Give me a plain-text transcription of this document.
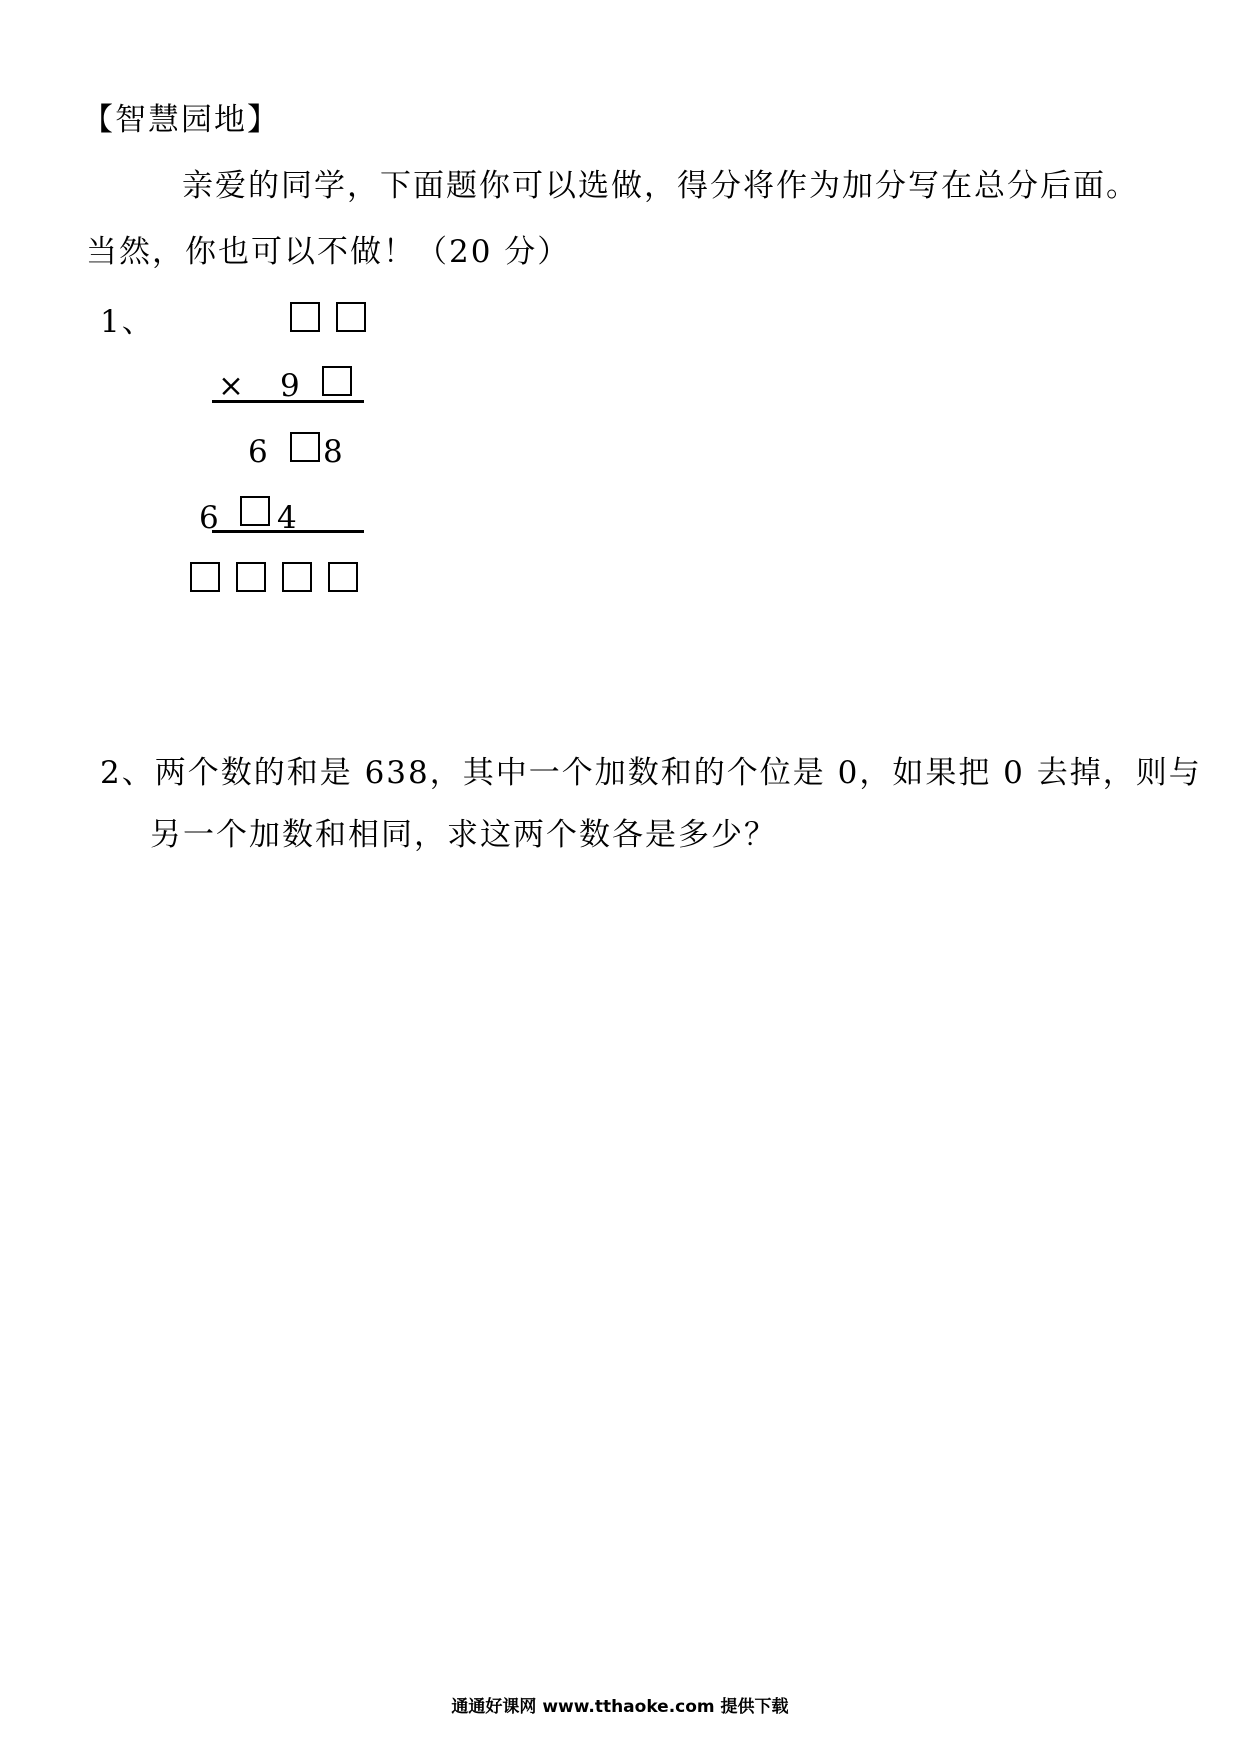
【智慧园地】
亲爱的同学，下面题你可以选做，得分将作为加分写在总分后面。
当然，你也可以不做！（20 分）
1、
× 9
6 8
6 4
2、两个数的和是 638，其中一个加数和的个位是 0，如果把 0 去掉，则与
另一个加数和相同，求这两个数各是多少？
通通好课网 www.tthaoke.com 提供下载
